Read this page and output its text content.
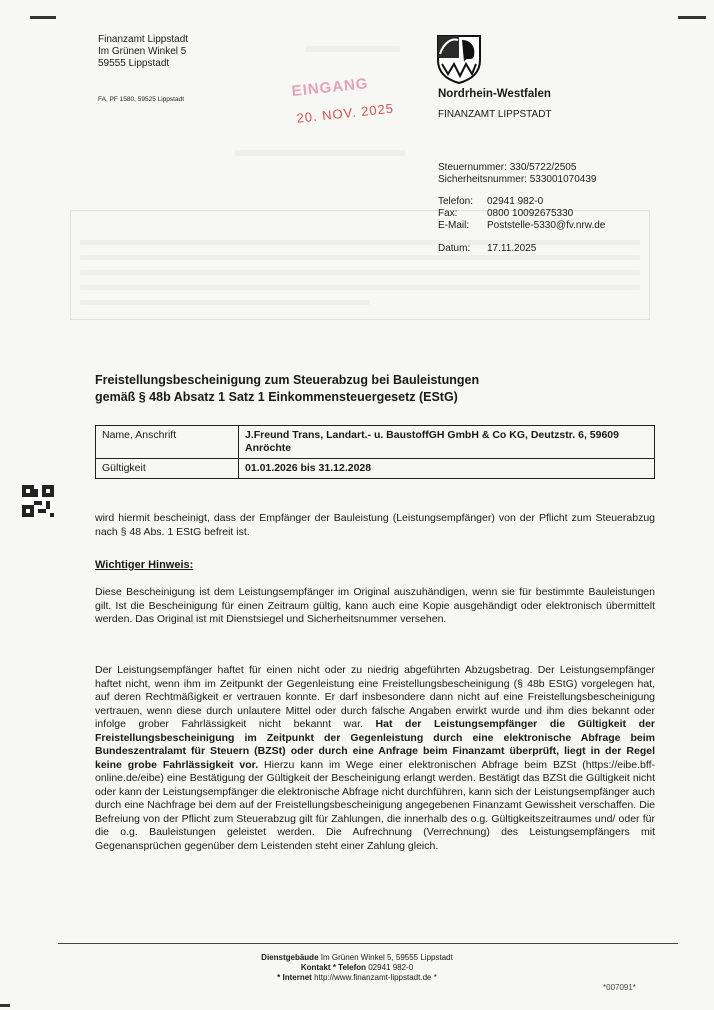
Finanzamt Lippstadt
Im Grünen Winkel 5
59555 Lippstadt
FA, PF 1580, 59525 Lippstadt	EINGANG
20. NOV. 2025
Nordrhein-Westfalen
FINANZAMT LIPPSTADT
Steuernummer: 330/5722/2505
Sicherheitsnummer: 533001070439
Telefon: 02941 982-0
Fax:	0800 10092675330
E-Mail: Poststelle-5330@fv.nrw.de
Datum: 17.11.2025
Freistellungsbescheinigung zum Steuerabzug bei Bauleistungen
gemäß § 48b Absatz 1 Satz 1 Einkommensteuergesetz (EStG)
Name, Anschrift	J.Freund Trans, Landart.- u. BaustoffGH GmbH & Co KG, Deutzstr. 6, 59609 Anröchte
Gültigkeit	01.01.2026 bis 31.12.2028
wird hiermit bescheinigt, dass der Empfänger der Bauleistung (Leistungsempfänger) von der Pflicht zum Steuerabzug nach § 48 Abs. 1 EStG befreit ist.
Wichtiger Hinweis:
Diese Bescheinigung ist dem Leistungsempfänger im Original auszuhändigen, wenn sie für bestimmte Bauleistungen gilt. Ist die Bescheinigung für einen Zeitraum gültig, kann auch eine Kopie ausgehändigt oder elektronisch übermittelt werden. Das Original ist mit Dienstsiegel und Sicherheitsnummer versehen.
Der Leistungsempfänger haftet für einen nicht oder zu niedrig abgeführten Abzugsbetrag. Der Leistungsempfänger haftet nicht, wenn ihm im Zeitpunkt der Gegenleistung eine Freistellungsbescheinigung (§ 48b EStG) vorgelegen hat, auf deren Rechtmäßigkeit er vertrauen konnte. Er darf insbesondere dann nicht auf eine Freistellungsbescheinigung vertrauen, wenn diese durch unlautere Mittel oder durch falsche Angaben erwirkt wurde und ihm dies bekannt oder infolge grober Fahrlässigkeit nicht bekannt war. Hat der Leistungsempfänger die Gültigkeit der Freistellungsbescheinigung im Zeitpunkt der Gegenleistung durch eine elektronische Abfrage beim Bundeszentralamt für Steuern (BZSt) oder durch eine Anfrage beim Finanzamt überprüft, liegt in der Regel keine grobe Fahrlässigkeit vor. Hierzu kann im Wege einer elektronischen Abfrage beim BZSt (https://eibe.bff-online.de/eibe) eine Bestätigung der Gültigkeit der Bescheinigung erlangt werden. Bestätigt das BZSt die Gültigkeit nicht oder kann der Leistungsempfänger die elektronische Abfrage nicht durchführen, kann sich der Leistungsempfänger auch durch eine Nachfrage bei dem auf der Freistellungsbescheinigung angegebenen Finanzamt Gewissheit verschaffen. Die Befreiung von der Pflicht zum Steuerabzug gilt für Zahlungen, die innerhalb des o.g. Gültigkeitszeitraumes und/ oder für die o.g. Bauleistungen geleistet werden. Die Aufrechnung (Verrechnung) des Leistungsempfängers mit Gegenansprüchen gegenüber dem Leistenden steht einer Zahlung gleich.
Dienstgebäude Im Grünen Winkel 5, 59555 Lippstadt
Kontakt * Telefon 02941 982-0
* Internet http://www.finanzamt-lippstadt.de *
*007091*
